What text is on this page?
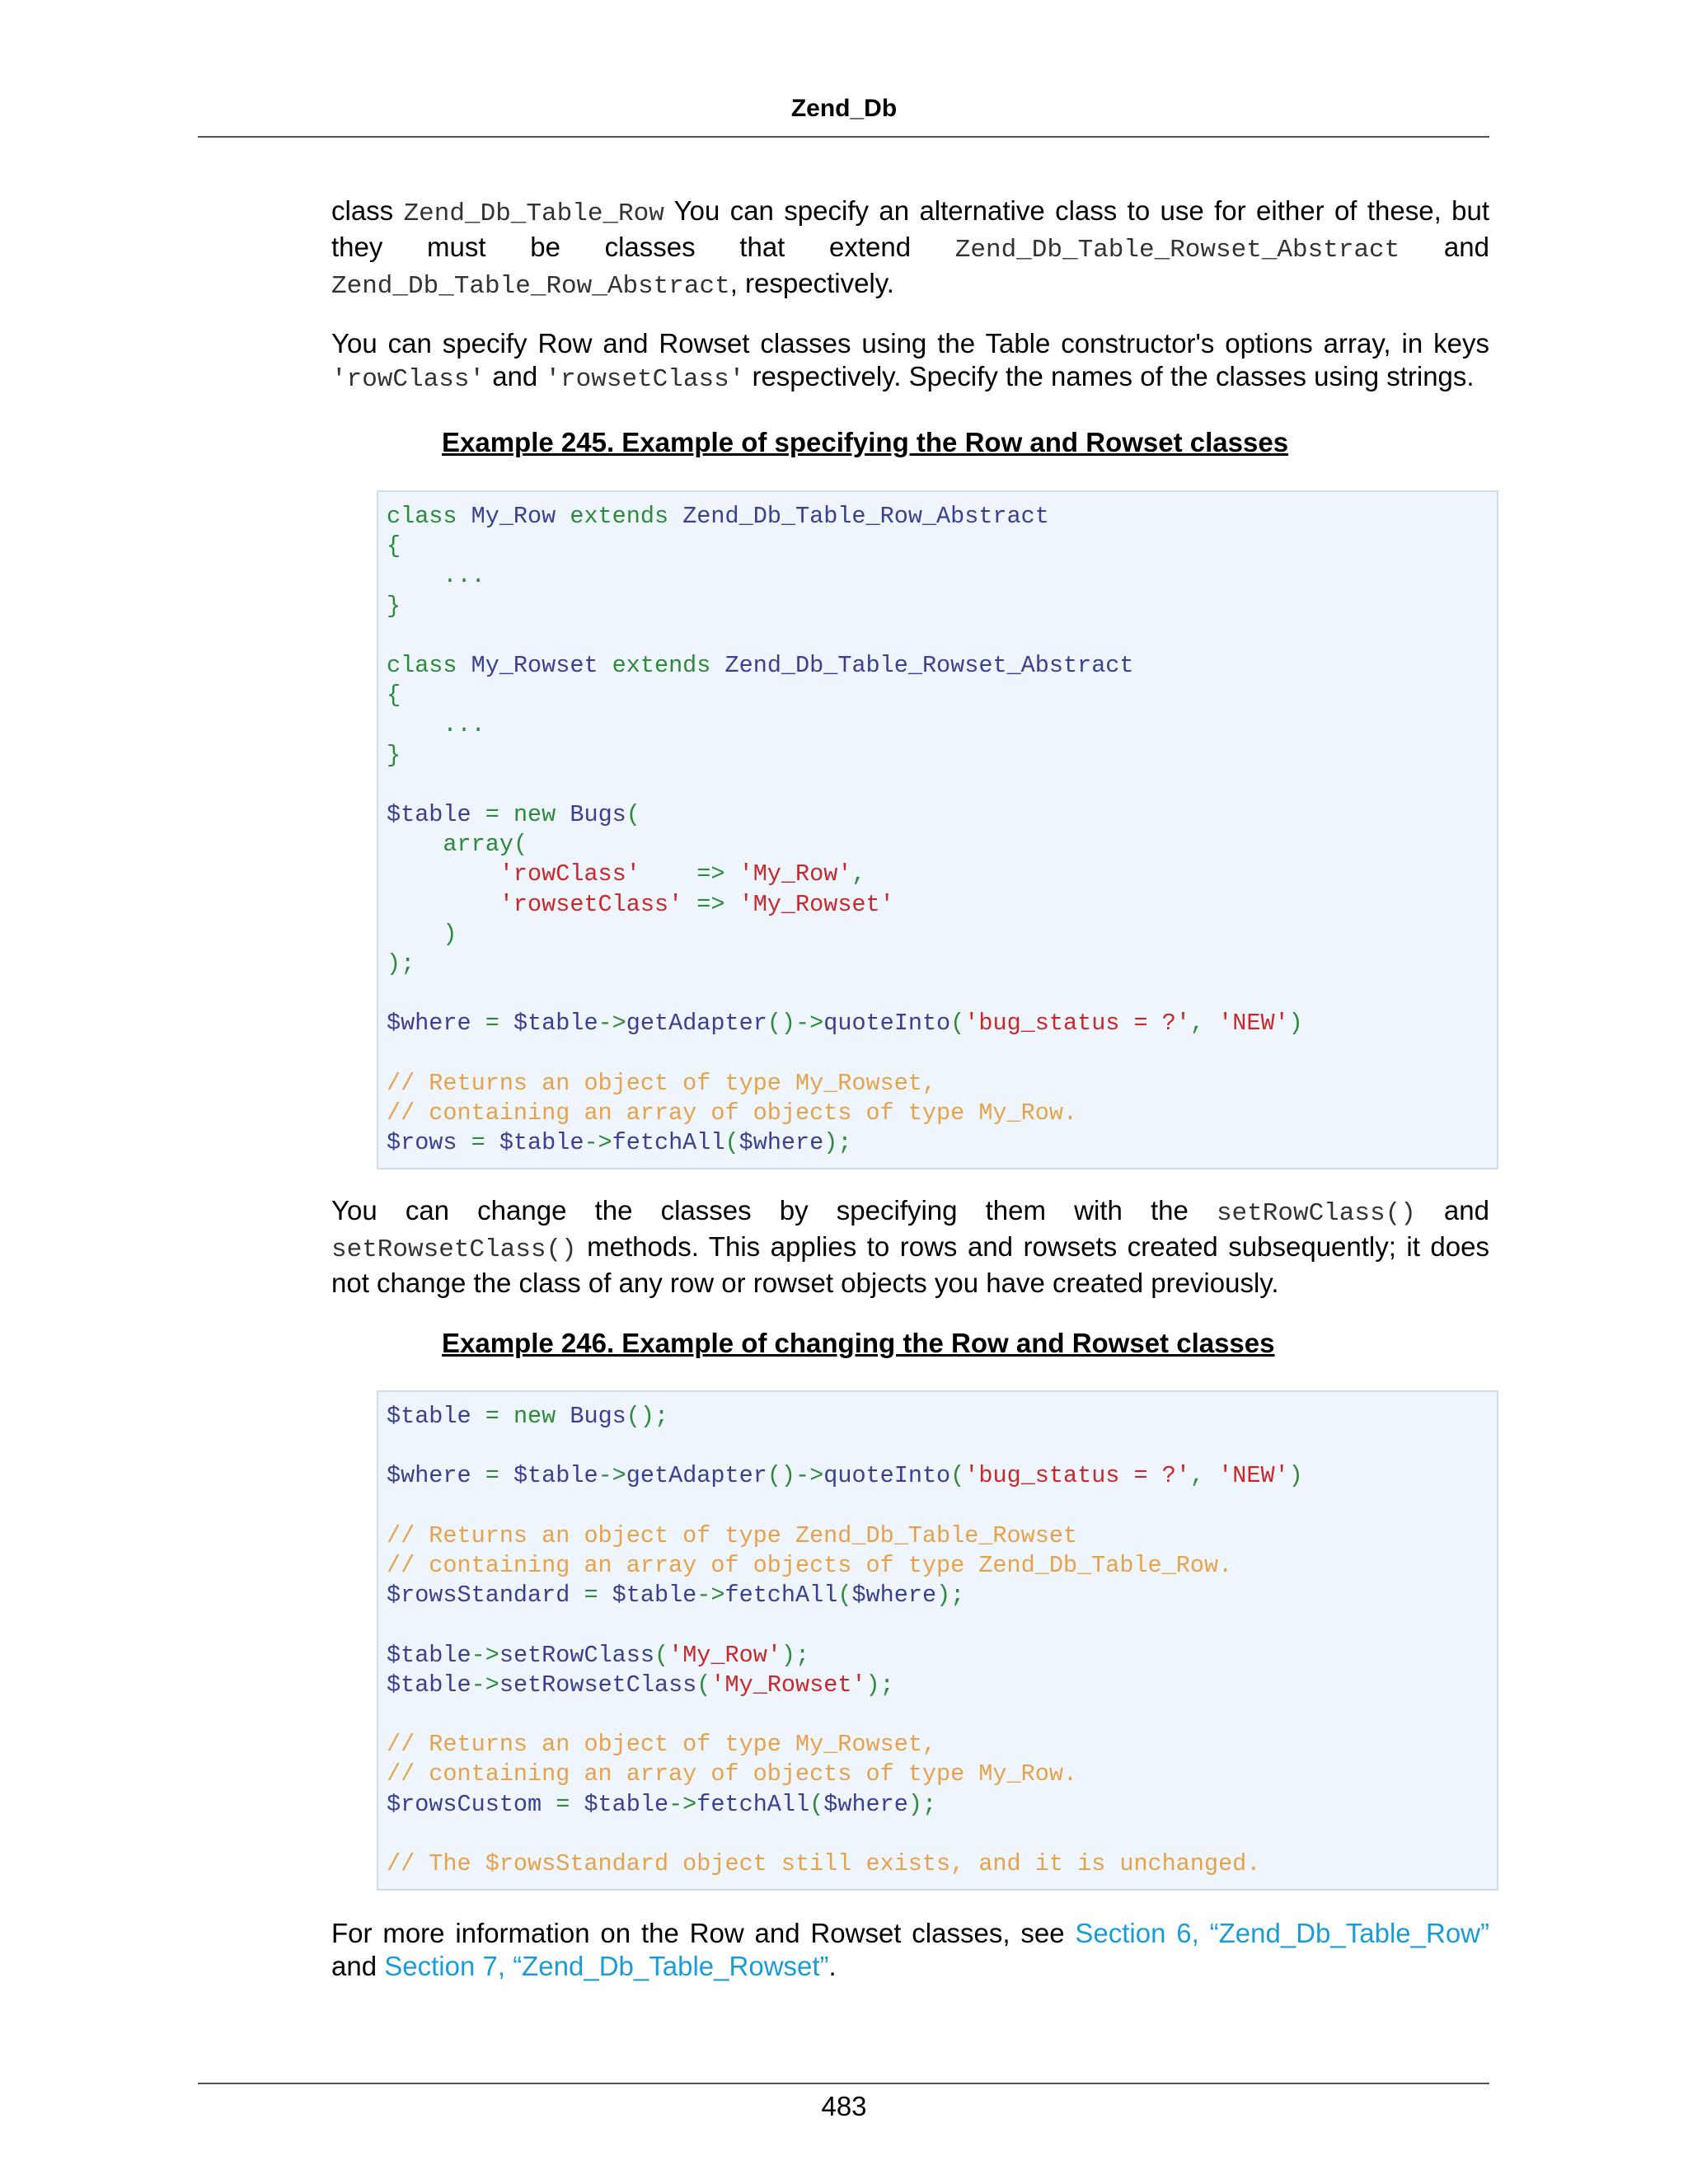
Zend_Db

class Zend_Db_Table_Row You can specify an alternative class to use for either of these, but they must be classes that extend Zend_Db_Table_Rowset_Abstract and Zend_Db_Table_Row_Abstract, respectively.

You can specify Row and Rowset classes using the Table constructor's options array, in keys 'rowClass' and 'rowsetClass' respectively. Specify the names of the classes using strings.

Example 245. Example of specifying the Row and Rowset classes

class My_Row extends Zend_Db_Table_Row_Abstract
{
...
}

class My_Rowset extends Zend_Db_Table_Rowset_Abstract
{
...
}

$table = new Bugs(
array(
'rowClass'    => 'My_Row',
'rowsetClass' => 'My_Rowset'
)
);

$where = $table->getAdapter()->quoteInto('bug_status = ?', 'NEW')

// Returns an object of type My_Rowset,
// containing an array of objects of type My_Row.
$rows = $table->fetchAll($where);

You can change the classes by specifying them with the setRowClass() and setRowsetClass() methods. This applies to rows and rowsets created subsequently; it does not change the class of any row or rowset objects you have created previously.

Example 246. Example of changing the Row and Rowset classes

$table = new Bugs();

$where = $table->getAdapter()->quoteInto('bug_status = ?', 'NEW')

// Returns an object of type Zend_Db_Table_Rowset
// containing an array of objects of type Zend_Db_Table_Row.
$rowsStandard = $table->fetchAll($where);

$table->setRowClass('My_Row');
$table->setRowsetClass('My_Rowset');

// Returns an object of type My_Rowset,
// containing an array of objects of type My_Row.
$rowsCustom = $table->fetchAll($where);

// The $rowsStandard object still exists, and it is unchanged.

For more information on the Row and Rowset classes, see Section 6, “Zend_Db_Table_Row” and Section 7, “Zend_Db_Table_Rowset”.

483
